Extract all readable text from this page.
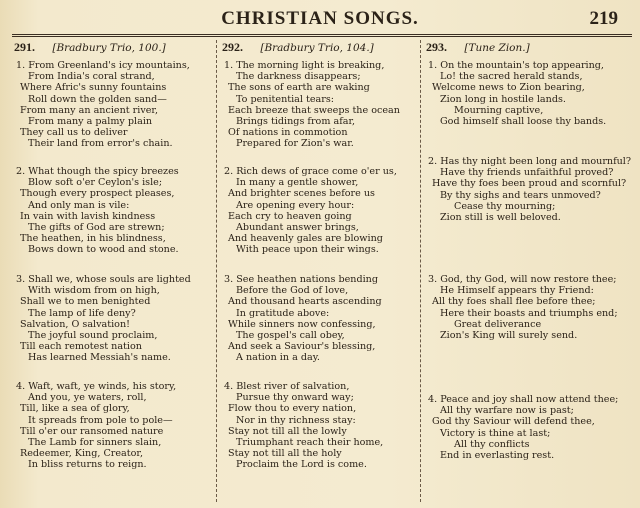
CHRISTIAN SONGS.	219
291. [Bradbury Trio, 100.]
1. From Greenland's icy mountains,
From India's coral strand,
Where Afric's sunny fountains
Roll down the golden sand—
From many an ancient river,
From many a palmy plain
They call us to deliver
Their land from error's chain.
2. What though the spicy breezes
Blow soft o'er Ceylon's isle;
Though every prospect pleases,
And only man is vile:
In vain with lavish kindness
The gifts of God are strewn;
The heathen, in his blindness,
Bows down to wood and stone.
3. Shall we, whose souls are lighted
With wisdom from on high,
Shall we to men benighted
The lamp of life deny?
Salvation, O salvation!
The joyful sound proclaim,
Till each remotest nation
Has learned Messiah's name.
4. Waft, waft, ye winds, his story,
And you, ye waters, roll,
Till, like a sea of glory,
It spreads from pole to pole—
Till o'er our ransomed nature
The Lamb for sinners slain,
Redeemer, King, Creator,
In bliss returns to reign.
292. [Bradbury Trio, 104.]
1. The morning light is breaking,
The darkness disappears;
The sons of earth are waking
To penitential tears:
Each breeze that sweeps the ocean
Brings tidings from afar,
Of nations in commotion
Prepared for Zion's war.
2. Rich dews of grace come o'er us,
In many a gentle shower,
And brighter scenes before us
Are opening every hour:
Each cry to heaven going
Abundant answer brings,
And heavenly gales are blowing
With peace upon their wings.
3. See heathen nations bending
Before the God of love,
And thousand hearts ascending
In gratitude above:
While sinners now confessing,
The gospel's call obey,
And seek a Saviour's blessing,
A nation in a day.
4. Blest river of salvation,
Pursue thy onward way;
Flow thou to every nation,
Nor in thy richness stay:
Stay not till all the lowly
Triumphant reach their home,
Stay not till all the holy
Proclaim the Lord is come.
293. [Tune Zion.]
1. On the mountain's top appearing,
Lo! the sacred herald stands,
Welcome news to Zion bearing,
Zion long in hostile lands.
Mourning captive,
God himself shall loose thy bands.
2. Has thy night been long and mournful?
Have thy friends unfaithful proved?
Have thy foes been proud and scornful?
By thy sighs and tears unmoved?
Cease thy mourning;
Zion still is well beloved.
3. God, thy God, will now restore thee;
He Himself appears thy Friend:
All thy foes shall flee before thee;
Here their boasts and triumphs end;
Great deliverance
Zion's King will surely send.
4. Peace and joy shall now attend thee;
All thy warfare now is past;
God thy Saviour will defend thee,
Victory is thine at last;
All thy conflicts
End in everlasting rest.
